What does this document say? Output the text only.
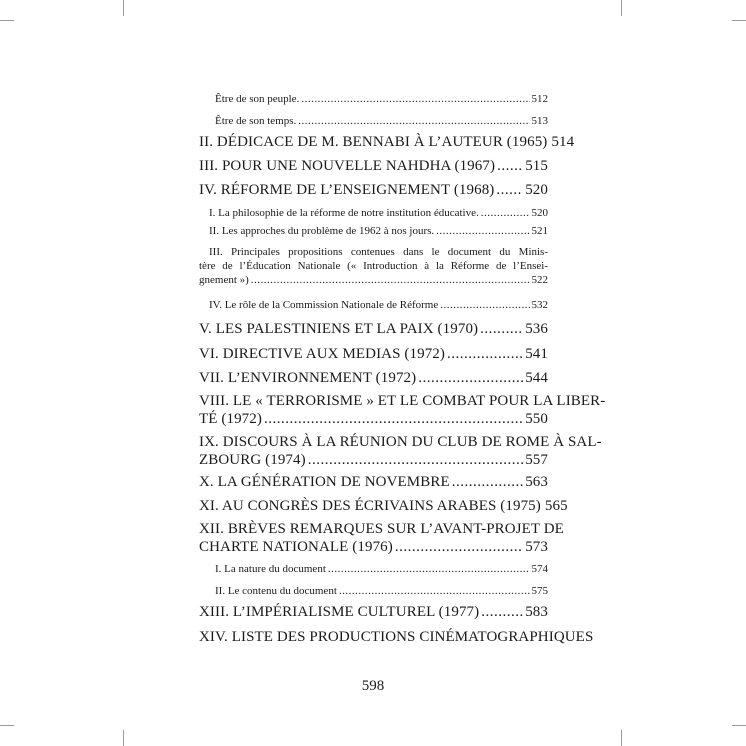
Être de son peuple. .....	512
Être de son temps. .....	513
II. DÉDICACE DE M. BENNABI À L’AUTEUR (1965) 514
III. POUR UNE NOUVELLE NAHDHA (1967) ..... 515
IV. RÉFORME DE L’ENSEIGNEMENT (1968) ..... 520
I. La philosophie de la réforme de notre institution éducative. .....	520
II. Les approches du problème de 1962 à nos jours. .....	521
III. Principales propositions contenues dans le document du Minis-
tère de l’Éducation Nationale (« Introduction à la Réforme de l’Ensei-
gnement ») .....	522
IV. Le rôle de la Commission Nationale de Réforme .....	532
V. LES PALESTINIENS ET LA PAIX (1970) .....	536
VI. DIRECTIVE AUX MEDIAS (1972) .....	541
VII. L’ENVIRONNEMENT (1972) .....	544
VIII. LE « TERRORISME » ET LE COMBAT POUR LA LIBER-
TÉ (1972) .....	550
IX. DISCOURS À LA RÉUNION DU CLUB DE ROME À SAL-
ZBOURG (1974) .....	557
X. LA GÉNÉRATION DE NOVEMBRE .....	563
XI. AU CONGRÈS DES ÉCRIVAINS ARABES (1975) 565
XII. BRÈVES REMARQUES SUR L’AVANT-PROJET DE
CHARTE NATIONALE (1976) .....	573
I. La nature du document .....	574
II. Le contenu du document .....	575
XIII. L’IMPÉRIALISME CULTUREL (1977) .....	583
XIV. LISTE DES PRODUCTIONS CINÉMATOGRAPHIQUES
598
